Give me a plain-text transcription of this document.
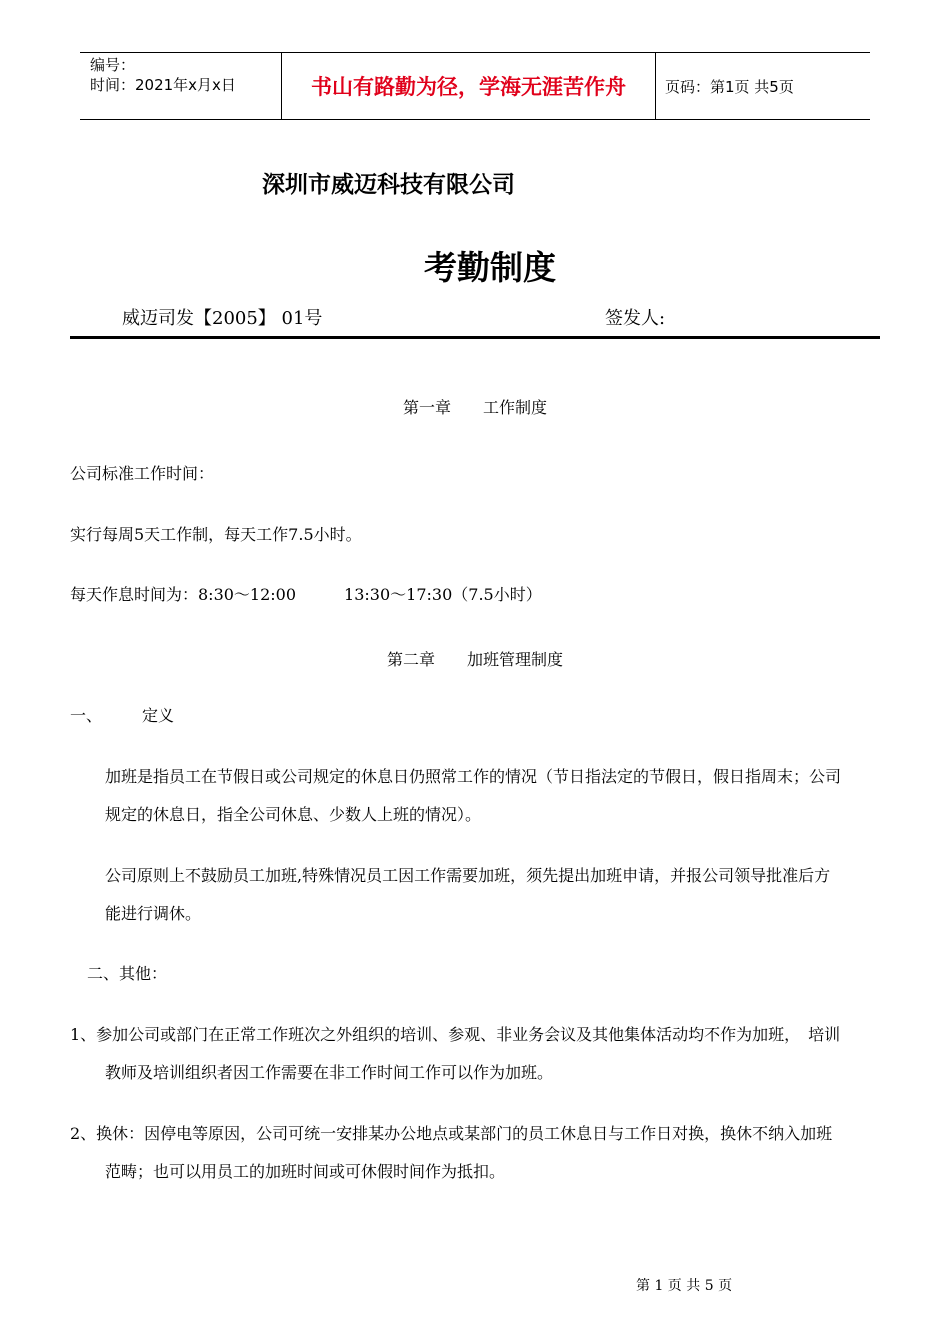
编号：
时间：2021年x月x日	书山有路勤为径，学海无涯苦作舟	页码：第1页 共5页
深圳市威迈科技有限公司
考勤制度
威迈司发【2005】 01号	签发人:
第一章　　工作制度
公司标准工作时间：
实行每周5天工作制，每天工作7.5小时。
每天作息时间为：8:30～12:00　　　13:30～17:30（7.5小时）
第二章　　加班管理制度
一、　　　定义
加班是指员工在节假日或公司规定的休息日仍照常工作的情况（节日指法定的节假日，假日指周末；公司
规定的休息日，指全公司休息、少数人上班的情况）。
公司原则上不鼓励员工加班,特殊情况员工因工作需要加班，须先提出加班申请，并报公司领导批准后方
能进行调休。
二、其他：
1、参加公司或部门在正常工作班次之外组织的培训、参观、非业务会议及其他集体活动均不作为加班，　培训
教师及培训组织者因工作需要在非工作时间工作可以作为加班。
2、换休：因停电等原因，公司可统一安排某办公地点或某部门的员工休息日与工作日对换，换休不纳入加班
范畴；也可以用员工的加班时间或可休假时间作为抵扣。
第 1 页 共 5 页
